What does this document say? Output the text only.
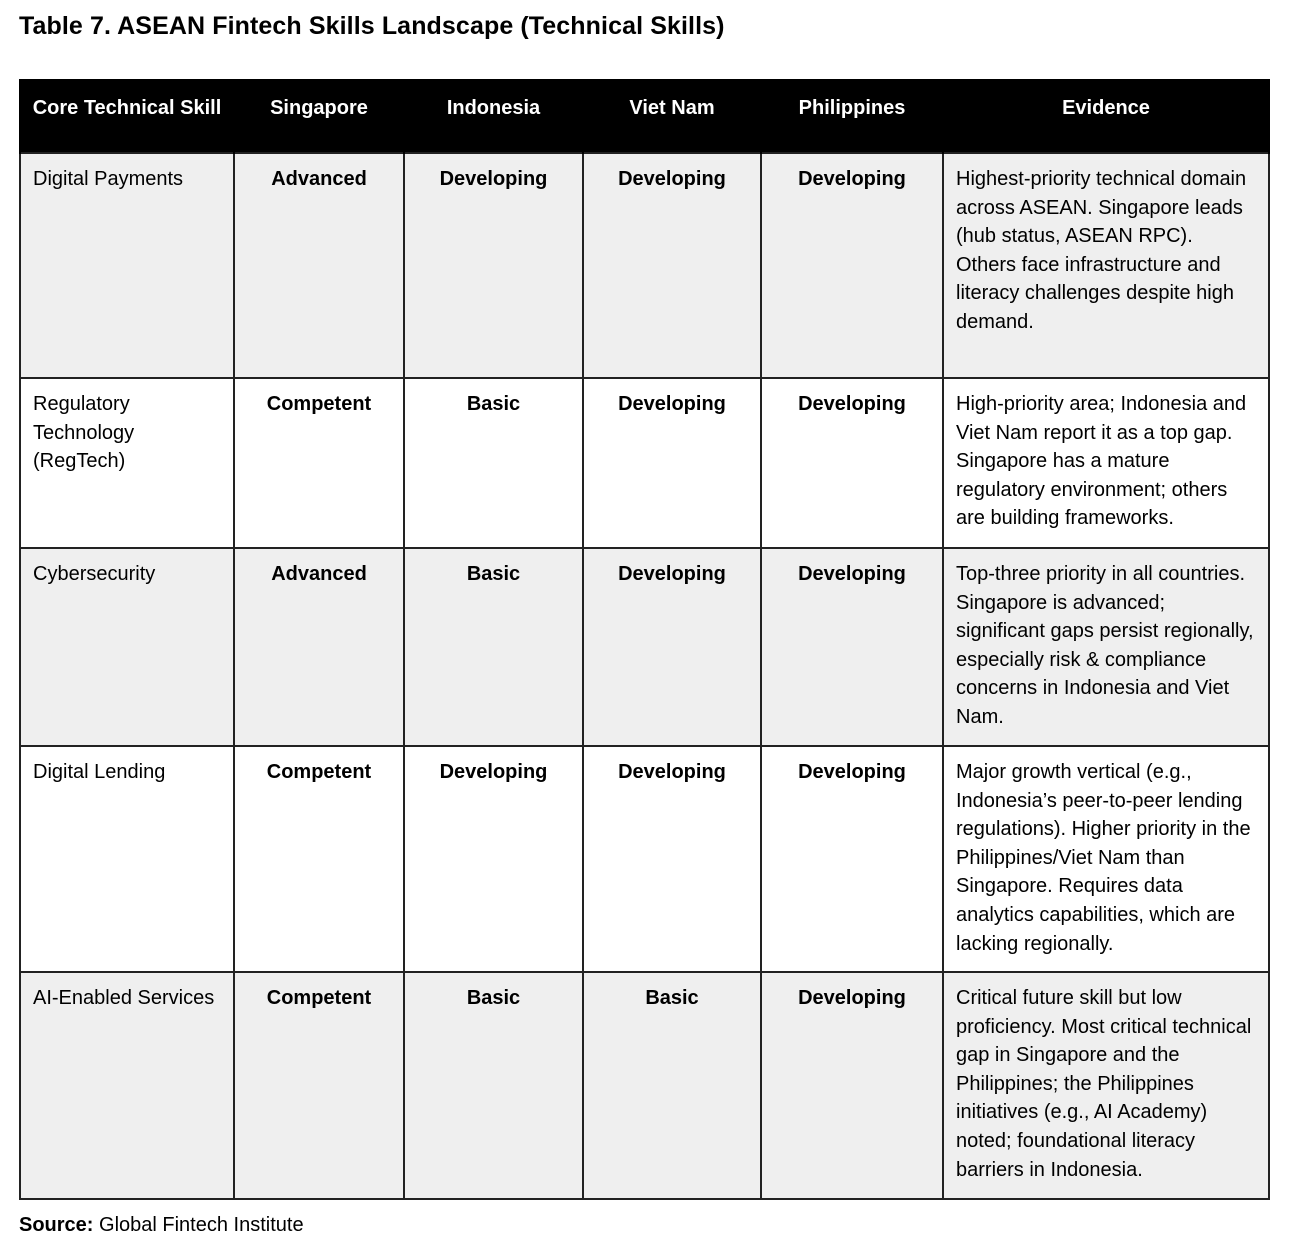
Table 7. ASEAN Fintech Skills Landscape (Technical Skills)
Core Technical Skill	Singapore	Indonesia	Viet Nam	Philippines	Evidence
Digital Payments	Advanced	Developing	Developing	Developing	Highest-priority technical domain across ASEAN. Singapore leads (hub status, ASEAN RPC). Others face infrastructure and literacy challenges despite high demand.
Regulatory Technology (RegTech)	Competent	Basic	Developing	Developing	High-priority area; Indonesia and Viet Nam report it as a top gap. Singapore has a mature regulatory environment; others are building frameworks.
Cybersecurity	Advanced	Basic	Developing	Developing	Top-three priority in all countries. Singapore is advanced; significant gaps persist regionally, especially risk & compliance concerns in Indonesia and Viet Nam.
Digital Lending	Competent	Developing	Developing	Developing	Major growth vertical (e.g., Indonesia’s peer-to-peer lending regulations). Higher priority in the Philippines/Viet Nam than Singapore. Requires data analytics capabilities, which are lacking regionally.
AI-Enabled Services	Competent	Basic	Basic	Developing	Critical future skill but low proficiency. Most critical technical gap in Singapore and the Philippines; the Philippines initiatives (e.g., AI Academy) noted; foundational literacy barriers in Indonesia.
Source: Global Fintech Institute
